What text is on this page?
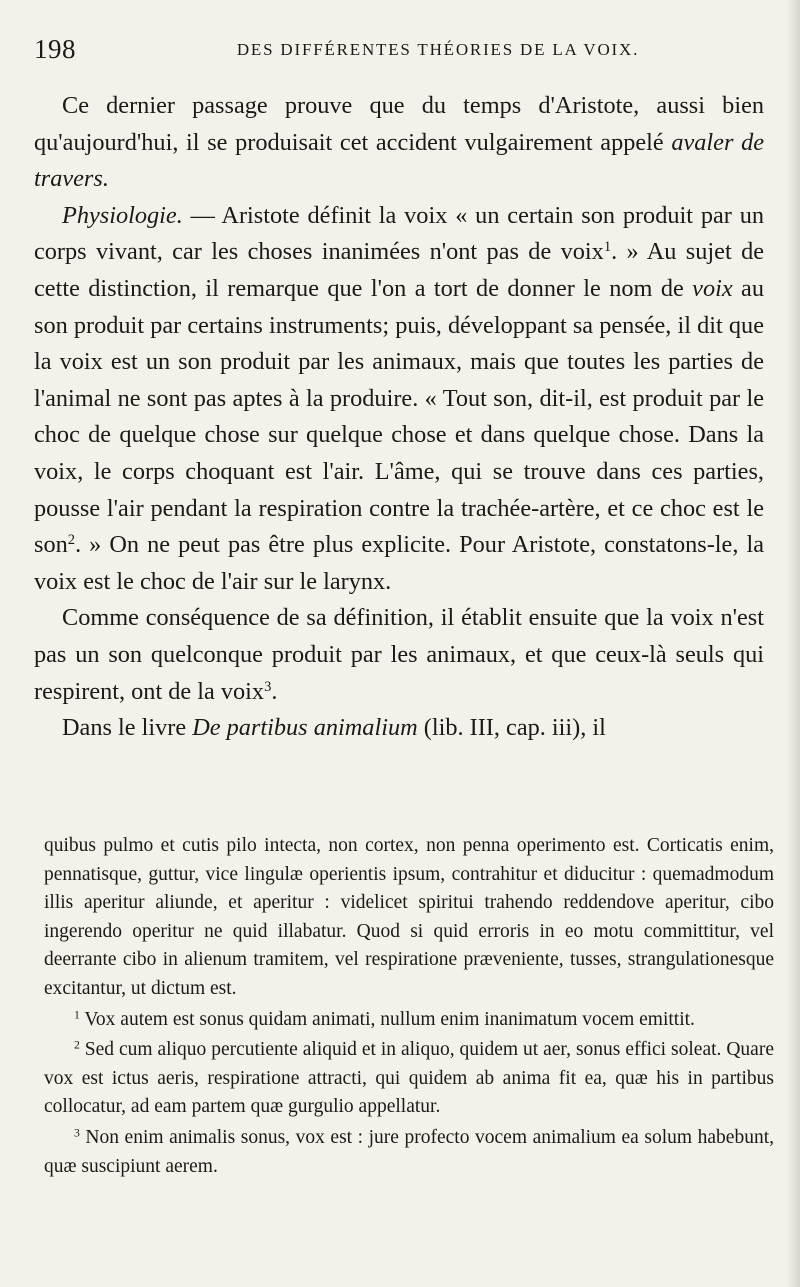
198	DES DIFFÉRENTES THÉORIES DE LA VOIX.

Ce dernier passage prouve que du temps d'Aristote, aussi bien qu'aujourd'hui, il se produisait cet accident vulgairement appelé avaler de travers.

Physiologie. — Aristote définit la voix « un certain son produit par un corps vivant, car les choses inanimées n'ont pas de voix$^1$. » Au sujet de cette distinction, il remarque que l'on a tort de donner le nom de voix au son produit par certains instruments; puis, développant sa pensée, il dit que la voix est un son produit par les animaux, mais que toutes les parties de l'animal ne sont pas aptes à la produire. « Tout son, dit-il, est produit par le choc de quelque chose sur quelque chose et dans quelque chose. Dans la voix, le corps choquant est l'air. L'âme, qui se trouve dans ces parties, pousse l'air pendant la respiration contre la trachée-artère, et ce choc est le son$^2$. » On ne peut pas être plus explicite. Pour Aristote, constatons-le, la voix est le choc de l'air sur le larynx.

Comme conséquence de sa définition, il établit ensuite que la voix n'est pas un son quelconque produit par les animaux, et que ceux-là seuls qui respirent, ont de la voix$^3$.

Dans le livre De partibus animalium (lib. III, cap. iii), il

quibus pulmo et cutis pilo intecta, non cortex, non penna operimento est. Corticatis enim, pennatisque, guttur, vice lingulæ operientis ipsum, contrahitur et diducitur : quemadmodum illis aperitur aliunde, et aperitur : videlicet spiritui trahendo reddendove aperitur, cibo ingerendo operitur ne quid illabatur. Quod si quid erroris in eo motu committitur, vel deerrante cibo in alienum tramitem, vel respiratione præveniente, tusses, strangulationesque excitantur, ut dictum est.

$^1$ Vox autem est sonus quidam animati, nullum enim inanimatum vocem emittit.

$^2$ Sed cum aliquo percutiente aliquid et in aliquo, quidem ut aer, sonus effici soleat. Quare vox est ictus aeris, respiratione attracti, qui quidem ab anima fit ea, quæ his in partibus collocatur, ad eam partem quæ gurgulio appellatur.

$^3$ Non enim animalis sonus, vox est : jure profecto vocem animalium ea solum habebunt, quæ suscipiunt aerem.
